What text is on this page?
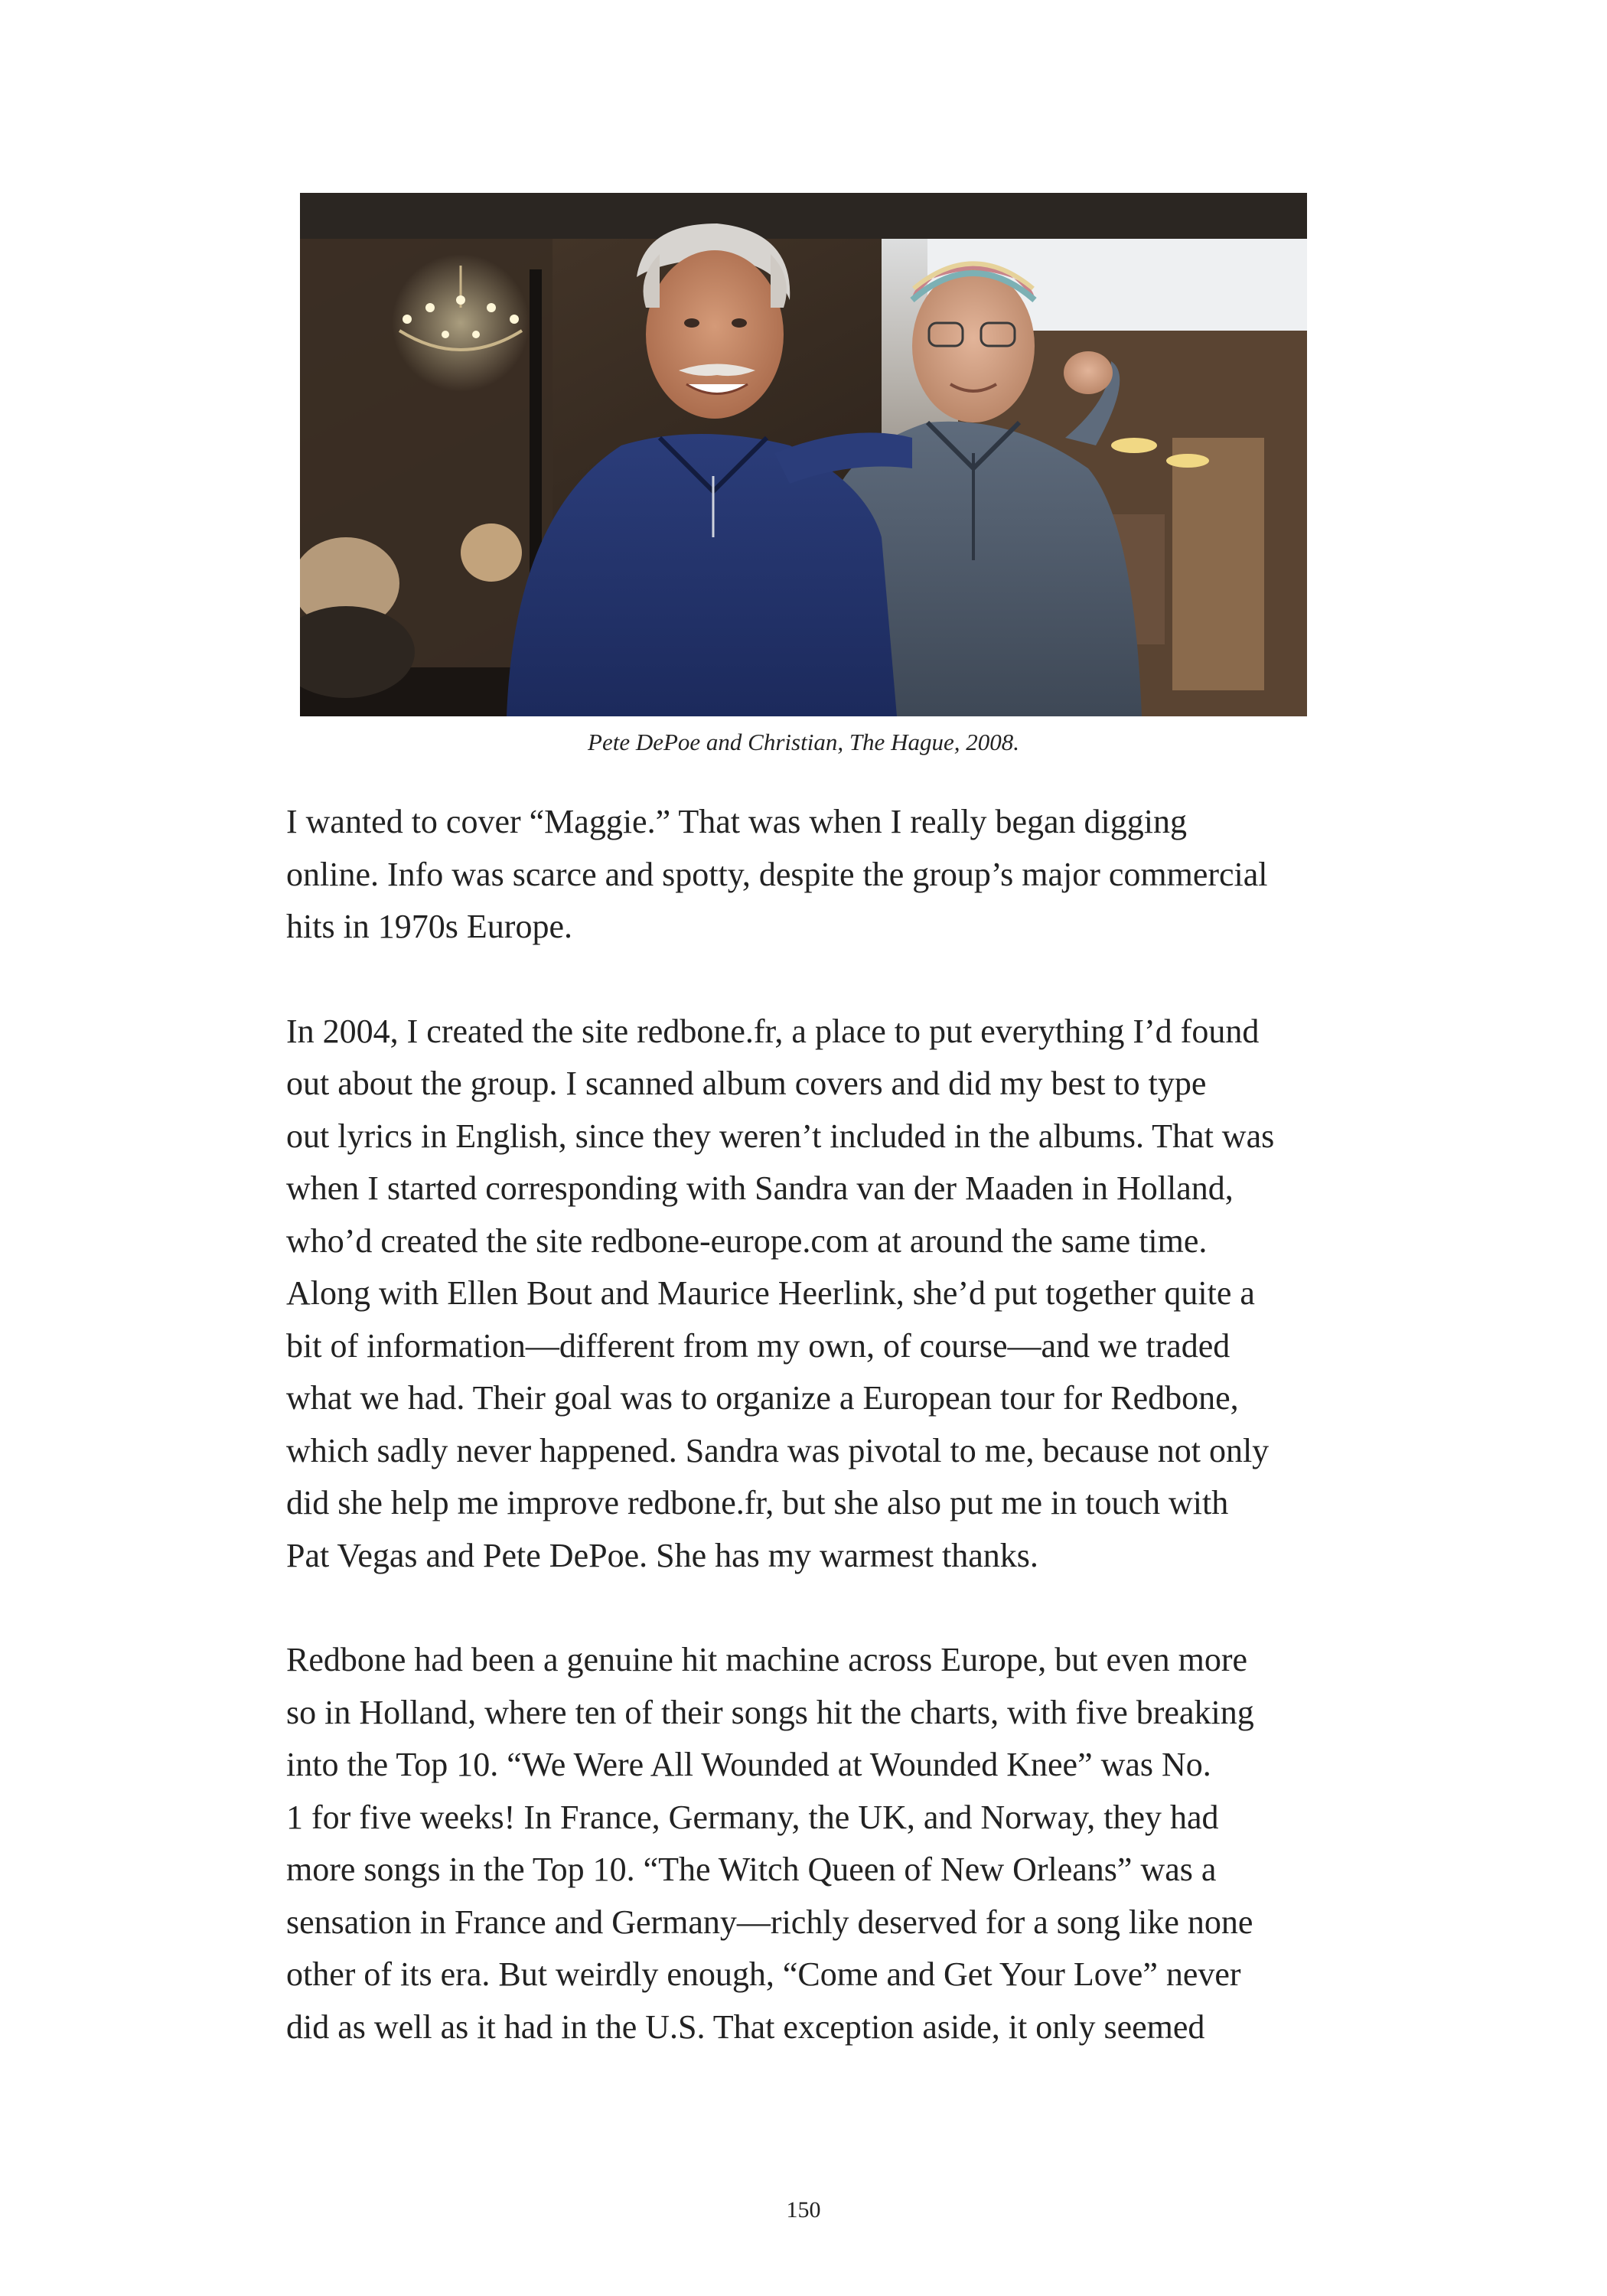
Pete DePoe and Christian, The Hague, 2008.
I wanted to cover “Maggie.” That was when I really began digging
online. Info was scarce and spotty, despite the group’s major commercial
hits in 1970s Europe.
In 2004, I created the site redbone.fr, a place to put everything I’d found
out about the group. I scanned album covers and did my best to type
out lyrics in English, since they weren’t included in the albums. That was
when I started corresponding with Sandra van der Maaden in Holland,
who’d created the site redbone-europe.com at around the same time.
Along with Ellen Bout and Maurice Heerlink, she’d put together quite a
bit of information—different from my own, of course—and we traded
what we had. Their goal was to organize a European tour for Redbone,
which sadly never happened. Sandra was pivotal to me, because not only
did she help me improve redbone.fr, but she also put me in touch with
Pat Vegas and Pete DePoe. She has my warmest thanks.
Redbone had been a genuine hit machine across Europe, but even more
so in Holland, where ten of their songs hit the charts, with five breaking
into the Top 10. “We Were All Wounded at Wounded Knee” was No.
1 for five weeks! In France, Germany, the UK, and Norway, they had
more songs in the Top 10. “The Witch Queen of New Orleans” was a
sensation in France and Germany—richly deserved for a song like none
other of its era. But weirdly enough, “Come and Get Your Love” never
did as well as it had in the U.S. That exception aside, it only seemed
150
